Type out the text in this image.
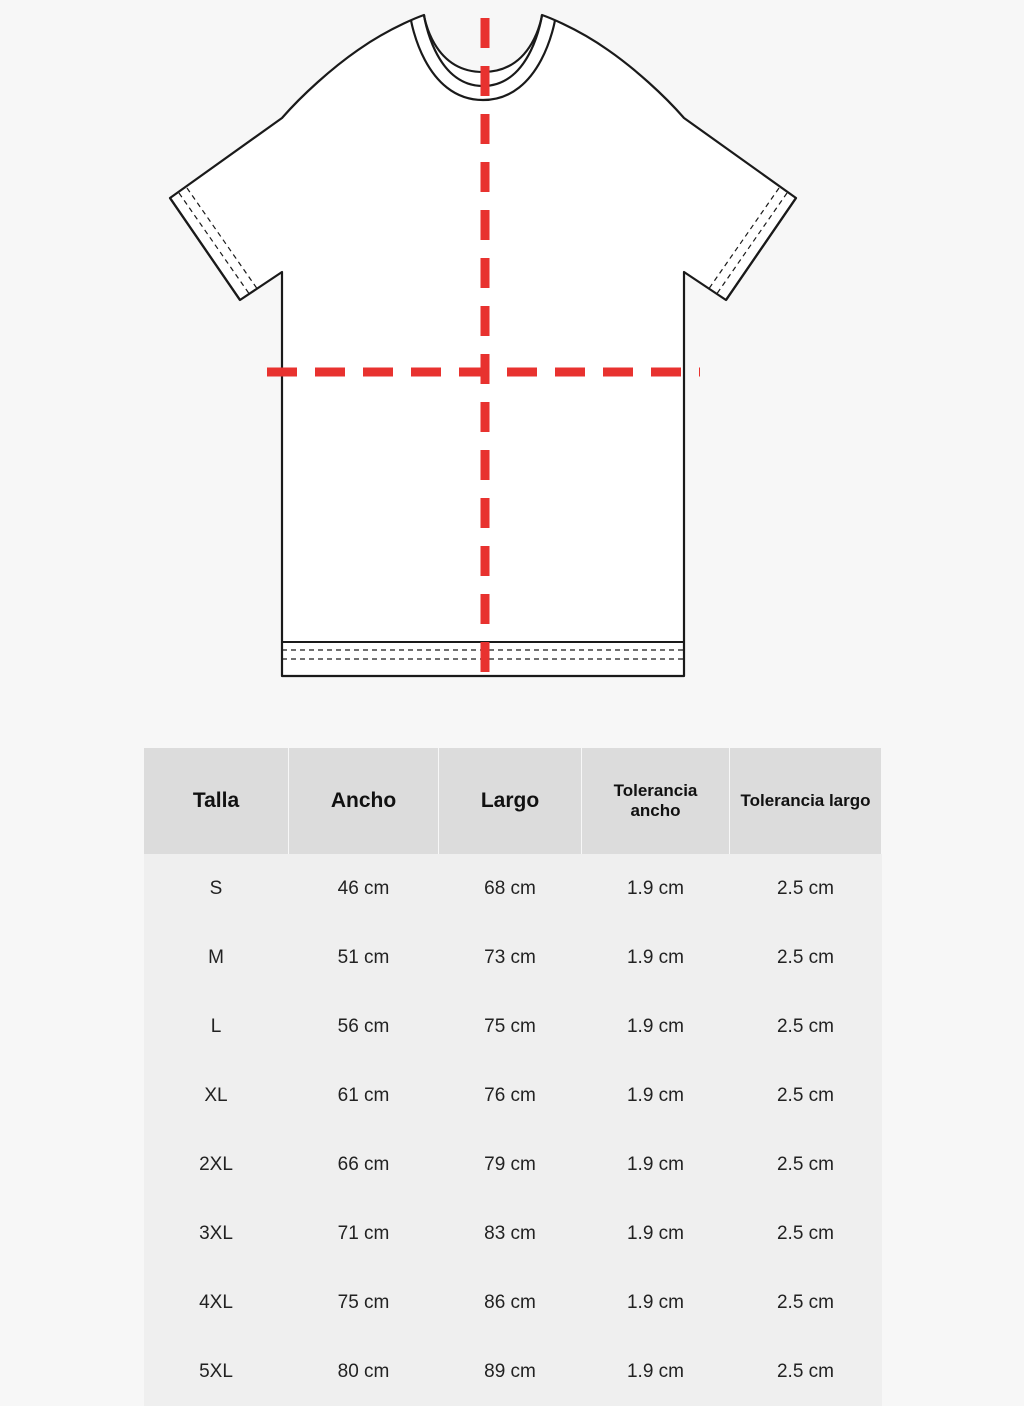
Talla	Ancho	Largo	Tolerancia ancho	Tolerancia largo
S	46 cm	68 cm	1.9 cm	2.5 cm
M	51 cm	73 cm	1.9 cm	2.5 cm
L	56 cm	75 cm	1.9 cm	2.5 cm
XL	61 cm	76 cm	1.9 cm	2.5 cm
2XL	66 cm	79 cm	1.9 cm	2.5 cm
3XL	71 cm	83 cm	1.9 cm	2.5 cm
4XL	75 cm	86 cm	1.9 cm	2.5 cm
5XL	80 cm	89 cm	1.9 cm	2.5 cm
